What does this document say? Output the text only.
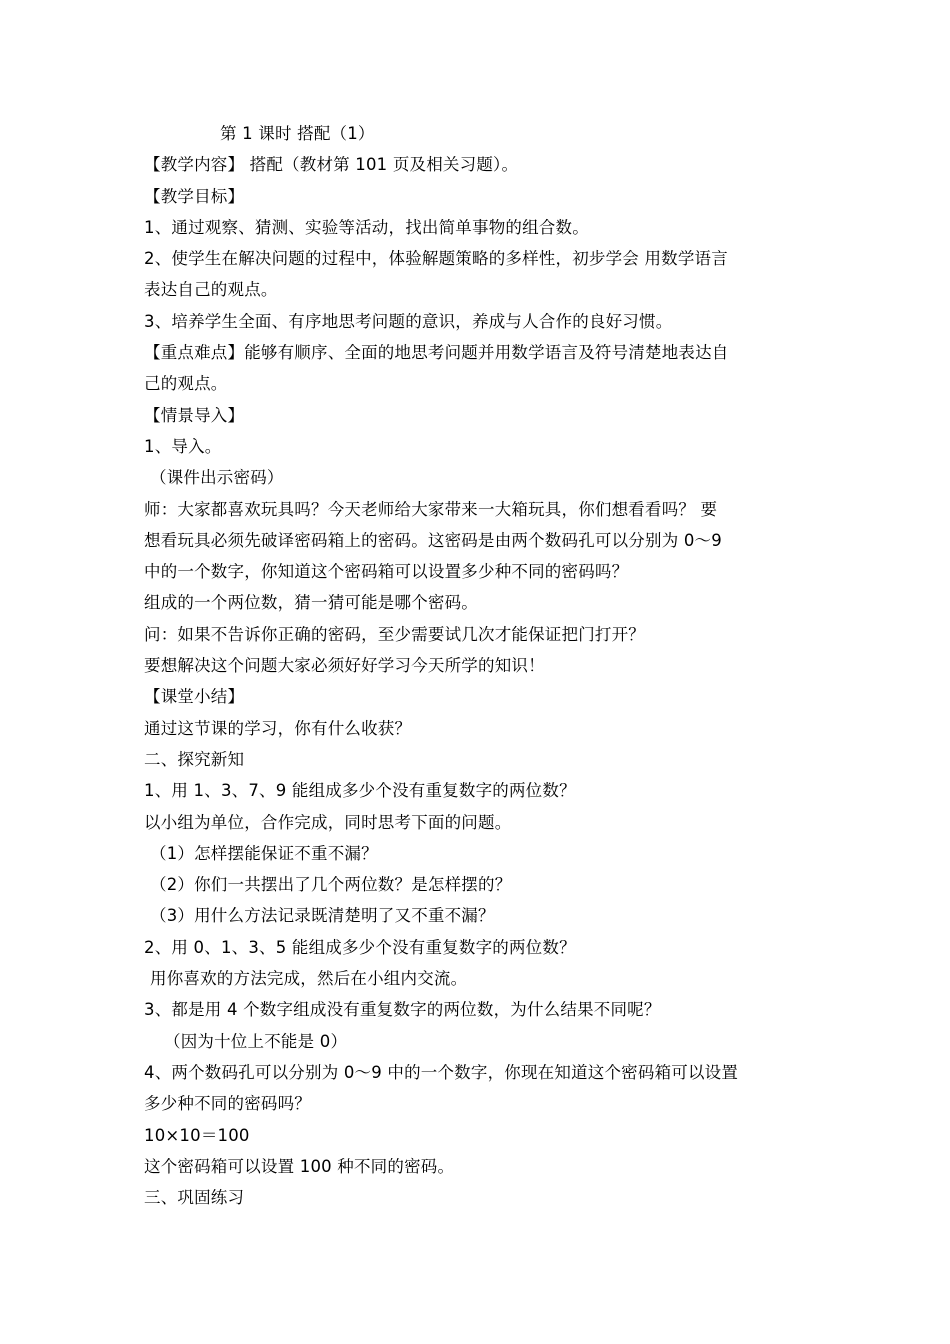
第 1 课时 搭配（1）
【教学内容】 搭配（教材第 101 页及相关习题）。
【教学目标】
1、通过观察、猜测、实验等活动，找出简单事物的组合数。
2、使学生在解决问题的过程中，体验解题策略的多样性，初步学会 用数学语言
表达自己的观点。
3、培养学生全面、有序地思考问题的意识，养成与人合作的良好习惯。
【重点难点】能够有顺序、全面的地思考问题并用数学语言及符号清楚地表达自
己的观点。
【情景导入】
1、导入。
（课件出示密码）
师：大家都喜欢玩具吗？今天老师给大家带来一大箱玩具，你们想看看吗？ 要
想看玩具必须先破译密码箱上的密码。这密码是由两个数码孔可以分别为 0～9
中的一个数字，你知道这个密码箱可以设置多少种不同的密码吗？
组成的一个两位数，猜一猜可能是哪个密码。
问：如果不告诉你正确的密码，至少需要试几次才能保证把门打开？
要想解决这个问题大家必须好好学习今天所学的知识！
【课堂小结】
通过这节课的学习，你有什么收获？
二、探究新知
1、用 1、3、7、9 能组成多少个没有重复数字的两位数？
以小组为单位，合作完成，同时思考下面的问题。
（1）怎样摆能保证不重不漏？
（2）你们一共摆出了几个两位数？是怎样摆的？
（3）用什么方法记录既清楚明了又不重不漏？
2、用 0、1、3、5 能组成多少个没有重复数字的两位数？
用你喜欢的方法完成，然后在小组内交流。
3、都是用 4 个数字组成没有重复数字的两位数，为什么结果不同呢？
（因为十位上不能是 0）
4、两个数码孔可以分别为 0～9 中的一个数字，你现在知道这个密码箱可以设置
多少种不同的密码吗？
10×10＝100
这个密码箱可以设置 100 种不同的密码。
三、巩固练习
